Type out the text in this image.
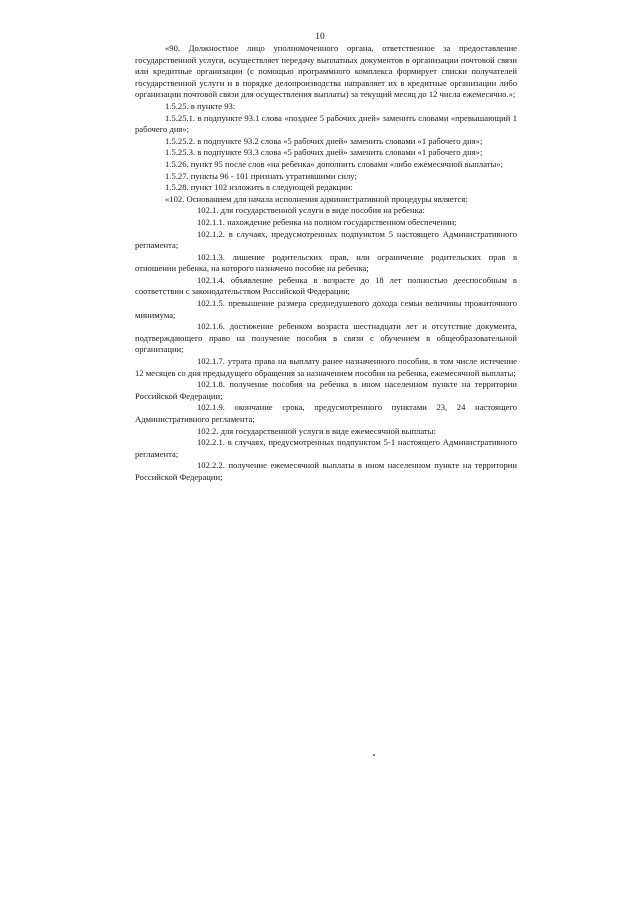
10

«90. Должностное лицо уполномоченного органа, ответственное за предоставление государственной услуги, осуществляет передачу выплатных документов в организации почтовой связи или кредитные организации (с помощью программного комплекса формирует списки получателей государственной услуги и в порядке делопроизводства направляет их в кредитные организации либо организации почтовой связи для осуществления выплаты) за текущий месяц до 12 числа ежемесячно.»;

1.5.25. в пункте 93:

1.5.25.1. в подпункте 93.1 слова «позднее 5 рабочих дней» заменить словами «превышающий 1 рабочего дня»;

1.5.25.2. в подпункте 93.2 слова «5 рабочих дней» заменить словами «1 рабочего дня»;

1.5.25.3. в подпункте 93.3 слова «5 рабочих дней» заменить словами «1 рабочего дня»;

1.5.26. пункт 95 после слов «на ребенка» дополнить словами «либо ежемесячной выплаты»;

1.5.27. пункты 96 - 101 признать утратившими силу;

1.5.28. пункт 102 изложить в следующей редакции:

«102. Основанием для начала исполнения административной процедуры является:

102.1. для государственной услуги в виде пособия на ребенка:

102.1.1. нахождение ребенка на полном государственном обеспечении;

102.1.2. в случаях, предусмотренных подпунктом 5 настоящего Административного регламента;

102.1.3. лишение родительских прав, или ограничение родительских прав в отношении ребенка, на которого назначено пособие на ребенка;

102.1.4. объявление ребенка в возрасте до 18 лет полностью дееспособным в соответствии с законодательством Российской Федерации;

102.1.5. превышение размера среднедушевого дохода семьи величины прожиточного минимума;

102.1.6. достижение ребенком возраста шестнадцати лет и отсутствие документа, подтверждающего право на получение пособия в связи с обучением в общеобразовательной организации;

102.1.7. утрата права на выплату ранее назначенного пособия, в том числе истечение 12 месяцев со дня предыдущего обращения за назначением пособия на ребенка, ежемесячной выплаты;

102.1.8. получение пособия на ребенка в ином населенном пункте на территории Российской Федерации;

102.1.9. окончание срока, предусмотренного пунктами 23, 24 настоящего Административного регламента;

102.2. для государственной услуги в виде ежемесячной выплаты:

102.2.1. в случаях, предусмотренных подпунктом 5-1 настоящего Административного регламента;

102.2.2. получение ежемесячной выплаты в ином населенном пункте на территории Российской Федерации;
